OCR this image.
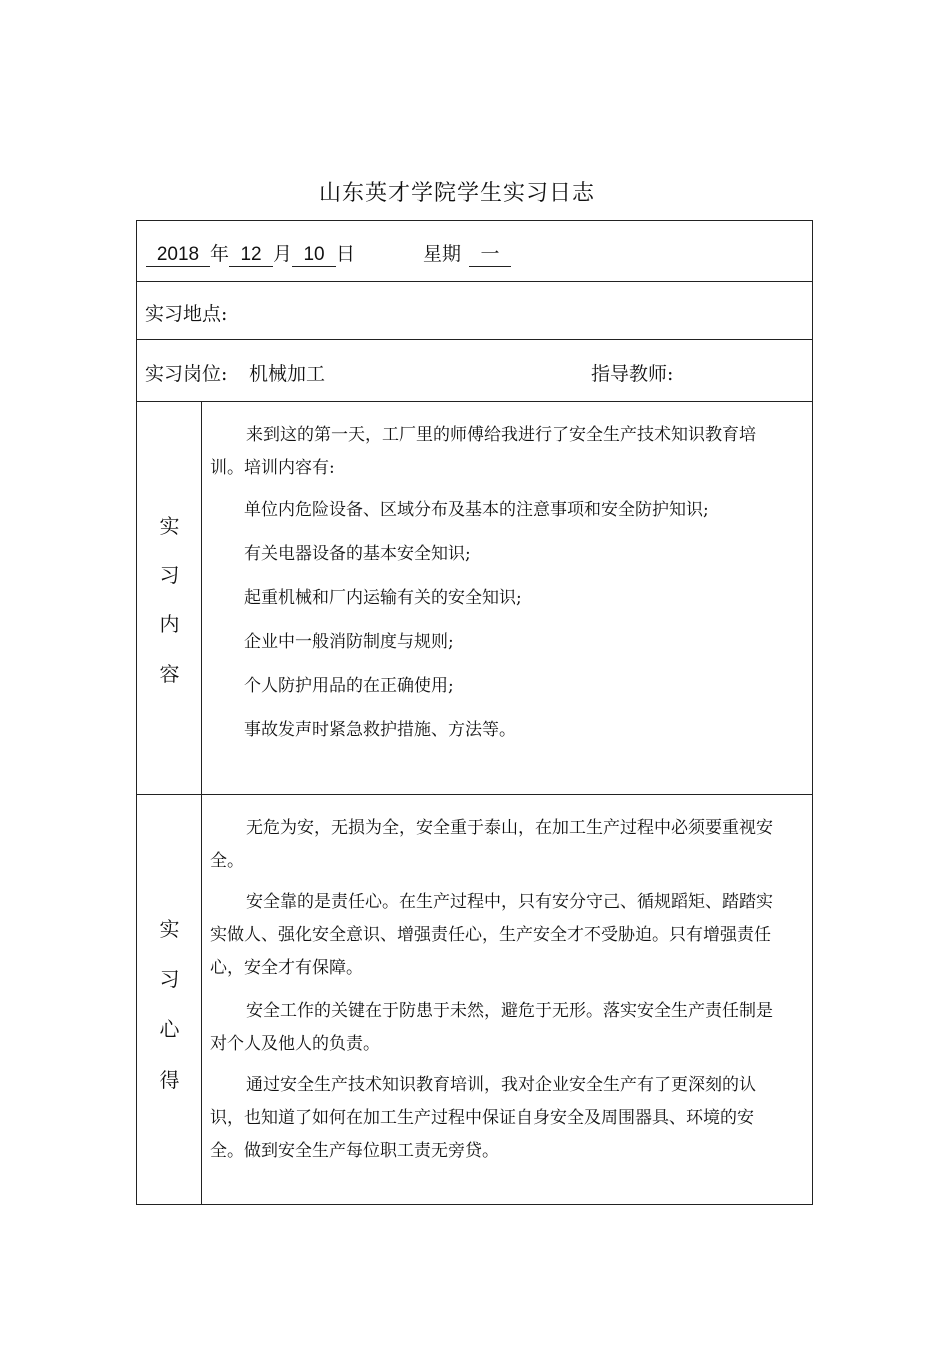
山东英才学院学生实习日志
2018 年 12 月 10 日	星期 一
实习地点:
实习岗位: 机械加工	指导教师:
实
习
内
容
来到这的第一天，工厂里的师傅给我进行了安全生产技术知识教育培训。培训内容有:
单位内危险设备、区域分布及基本的注意事项和安全防护知识;
有关电器设备的基本安全知识;
起重机械和厂内运输有关的安全知识;
企业中一般消防制度与规则;
个人防护用品的在正确使用;
事故发声时紧急救护措施、方法等。
实
习
心
得
无危为安，无损为全，安全重于泰山，在加工生产过程中必须要重视安全。
安全靠的是责任心。在生产过程中，只有安分守己、循规蹈矩、踏踏实实做人、强化安全意识、增强责任心，生产安全才不受胁迫。只有增强责任心，安全才有保障。
安全工作的关键在于防患于未然，避危于无形。落实安全生产责任制是对个人及他人的负责。
通过安全生产技术知识教育培训，我对企业安全生产有了更深刻的认识，也知道了如何在加工生产过程中保证自身安全及周围器具、环境的安全。做到安全生产每位职工责无旁贷。
